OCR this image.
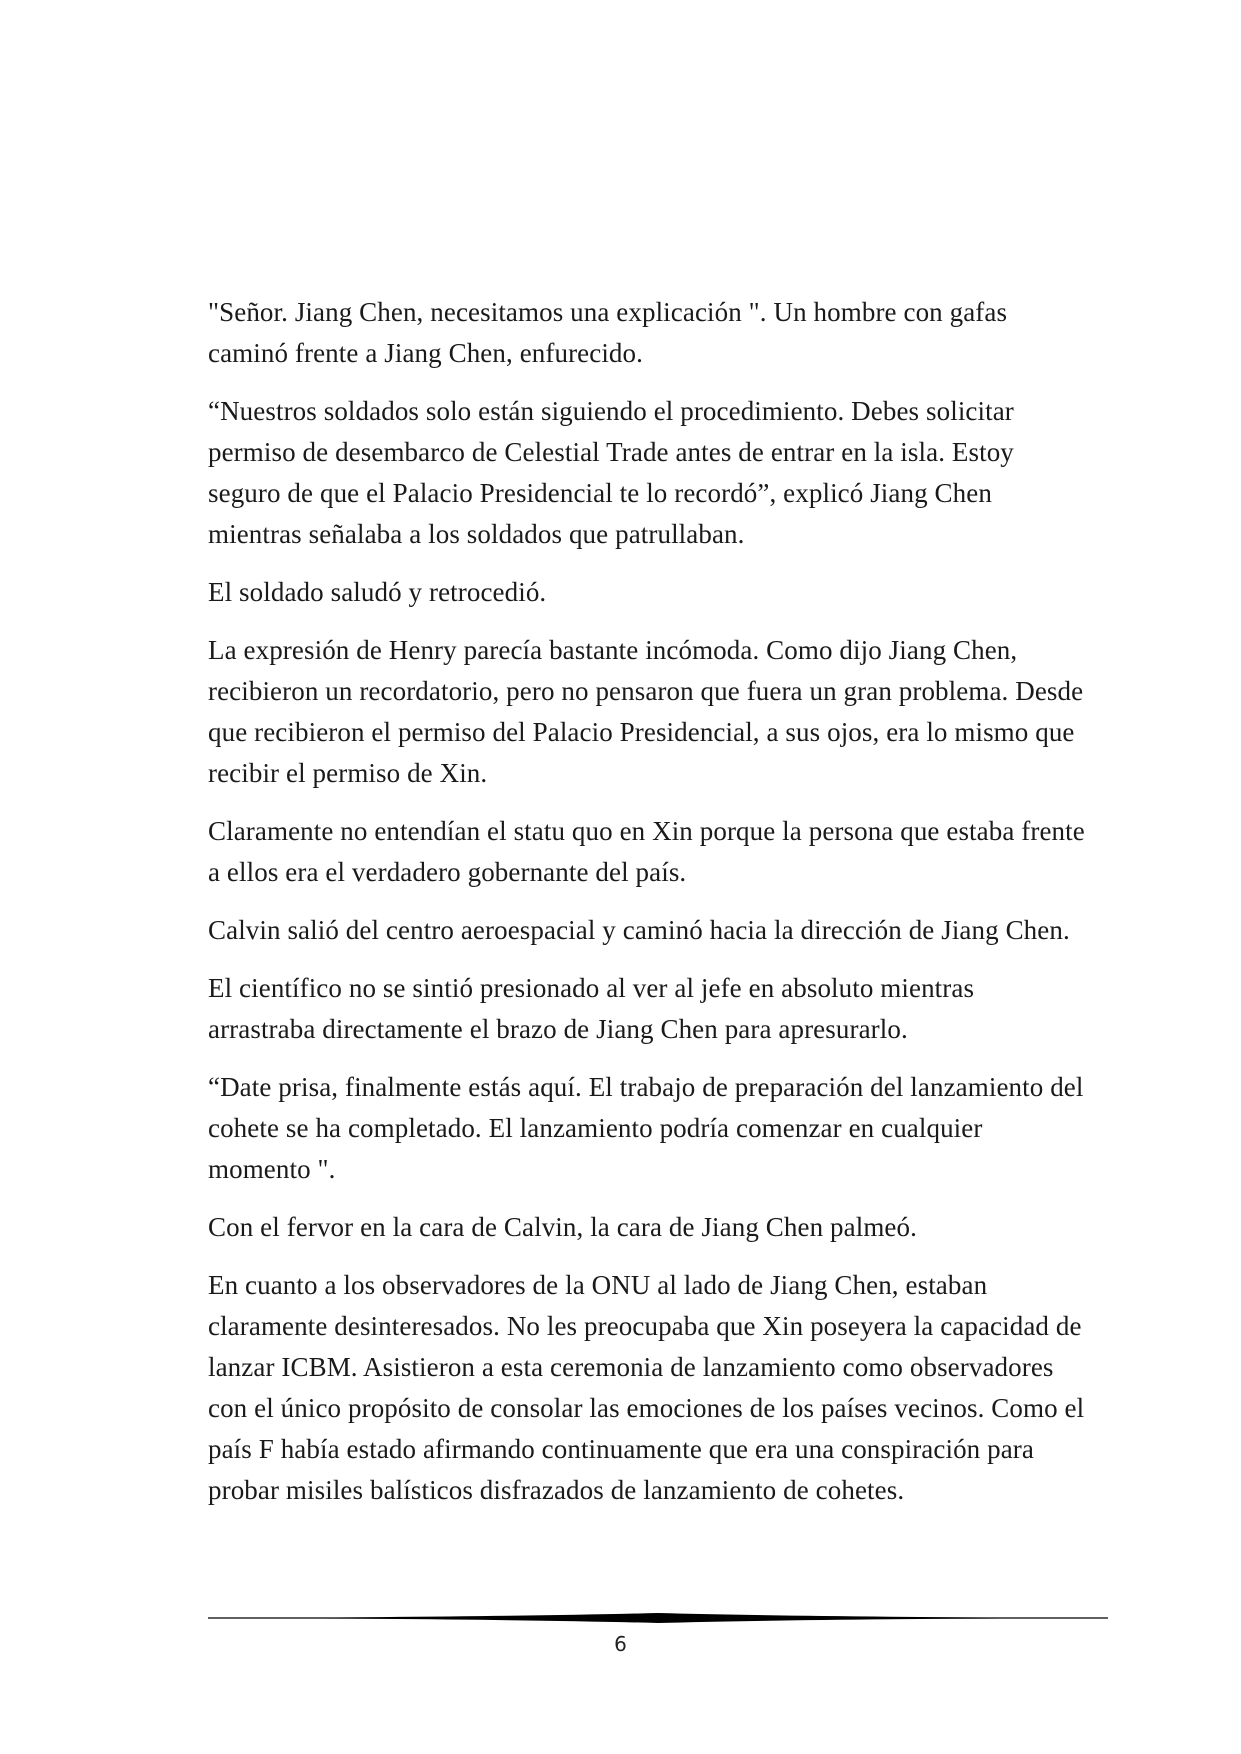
"Señor. Jiang Chen, necesitamos una explicación ". Un hombre con gafas caminó frente a Jiang Chen, enfurecido.

“Nuestros soldados solo están siguiendo el procedimiento. Debes solicitar permiso de desembarco de Celestial Trade antes de entrar en la isla. Estoy seguro de que el Palacio Presidencial te lo recordó”, explicó Jiang Chen mientras señalaba a los soldados que patrullaban.

El soldado saludó y retrocedió.

La expresión de Henry parecía bastante incómoda. Como dijo Jiang Chen, recibieron un recordatorio, pero no pensaron que fuera un gran problema. Desde que recibieron el permiso del Palacio Presidencial, a sus ojos, era lo mismo que recibir el permiso de Xin.

Claramente no entendían el statu quo en Xin porque la persona que estaba frente a ellos era el verdadero gobernante del país.

Calvin salió del centro aeroespacial y caminó hacia la dirección de Jiang Chen.

El científico no se sintió presionado al ver al jefe en absoluto mientras arrastraba directamente el brazo de Jiang Chen para apresurarlo.

“Date prisa, finalmente estás aquí. El trabajo de preparación del lanzamiento del cohete se ha completado. El lanzamiento podría comenzar en cualquier momento ".

Con el fervor en la cara de Calvin, la cara de Jiang Chen palmeó.

En cuanto a los observadores de la ONU al lado de Jiang Chen, estaban claramente desinteresados. No les preocupaba que Xin poseyera la capacidad de lanzar ICBM. Asistieron a esta ceremonia de lanzamiento como observadores con el único propósito de consolar las emociones de los países vecinos. Como el país F había estado afirmando continuamente que era una conspiración para probar misiles balísticos disfrazados de lanzamiento de cohetes.

6
